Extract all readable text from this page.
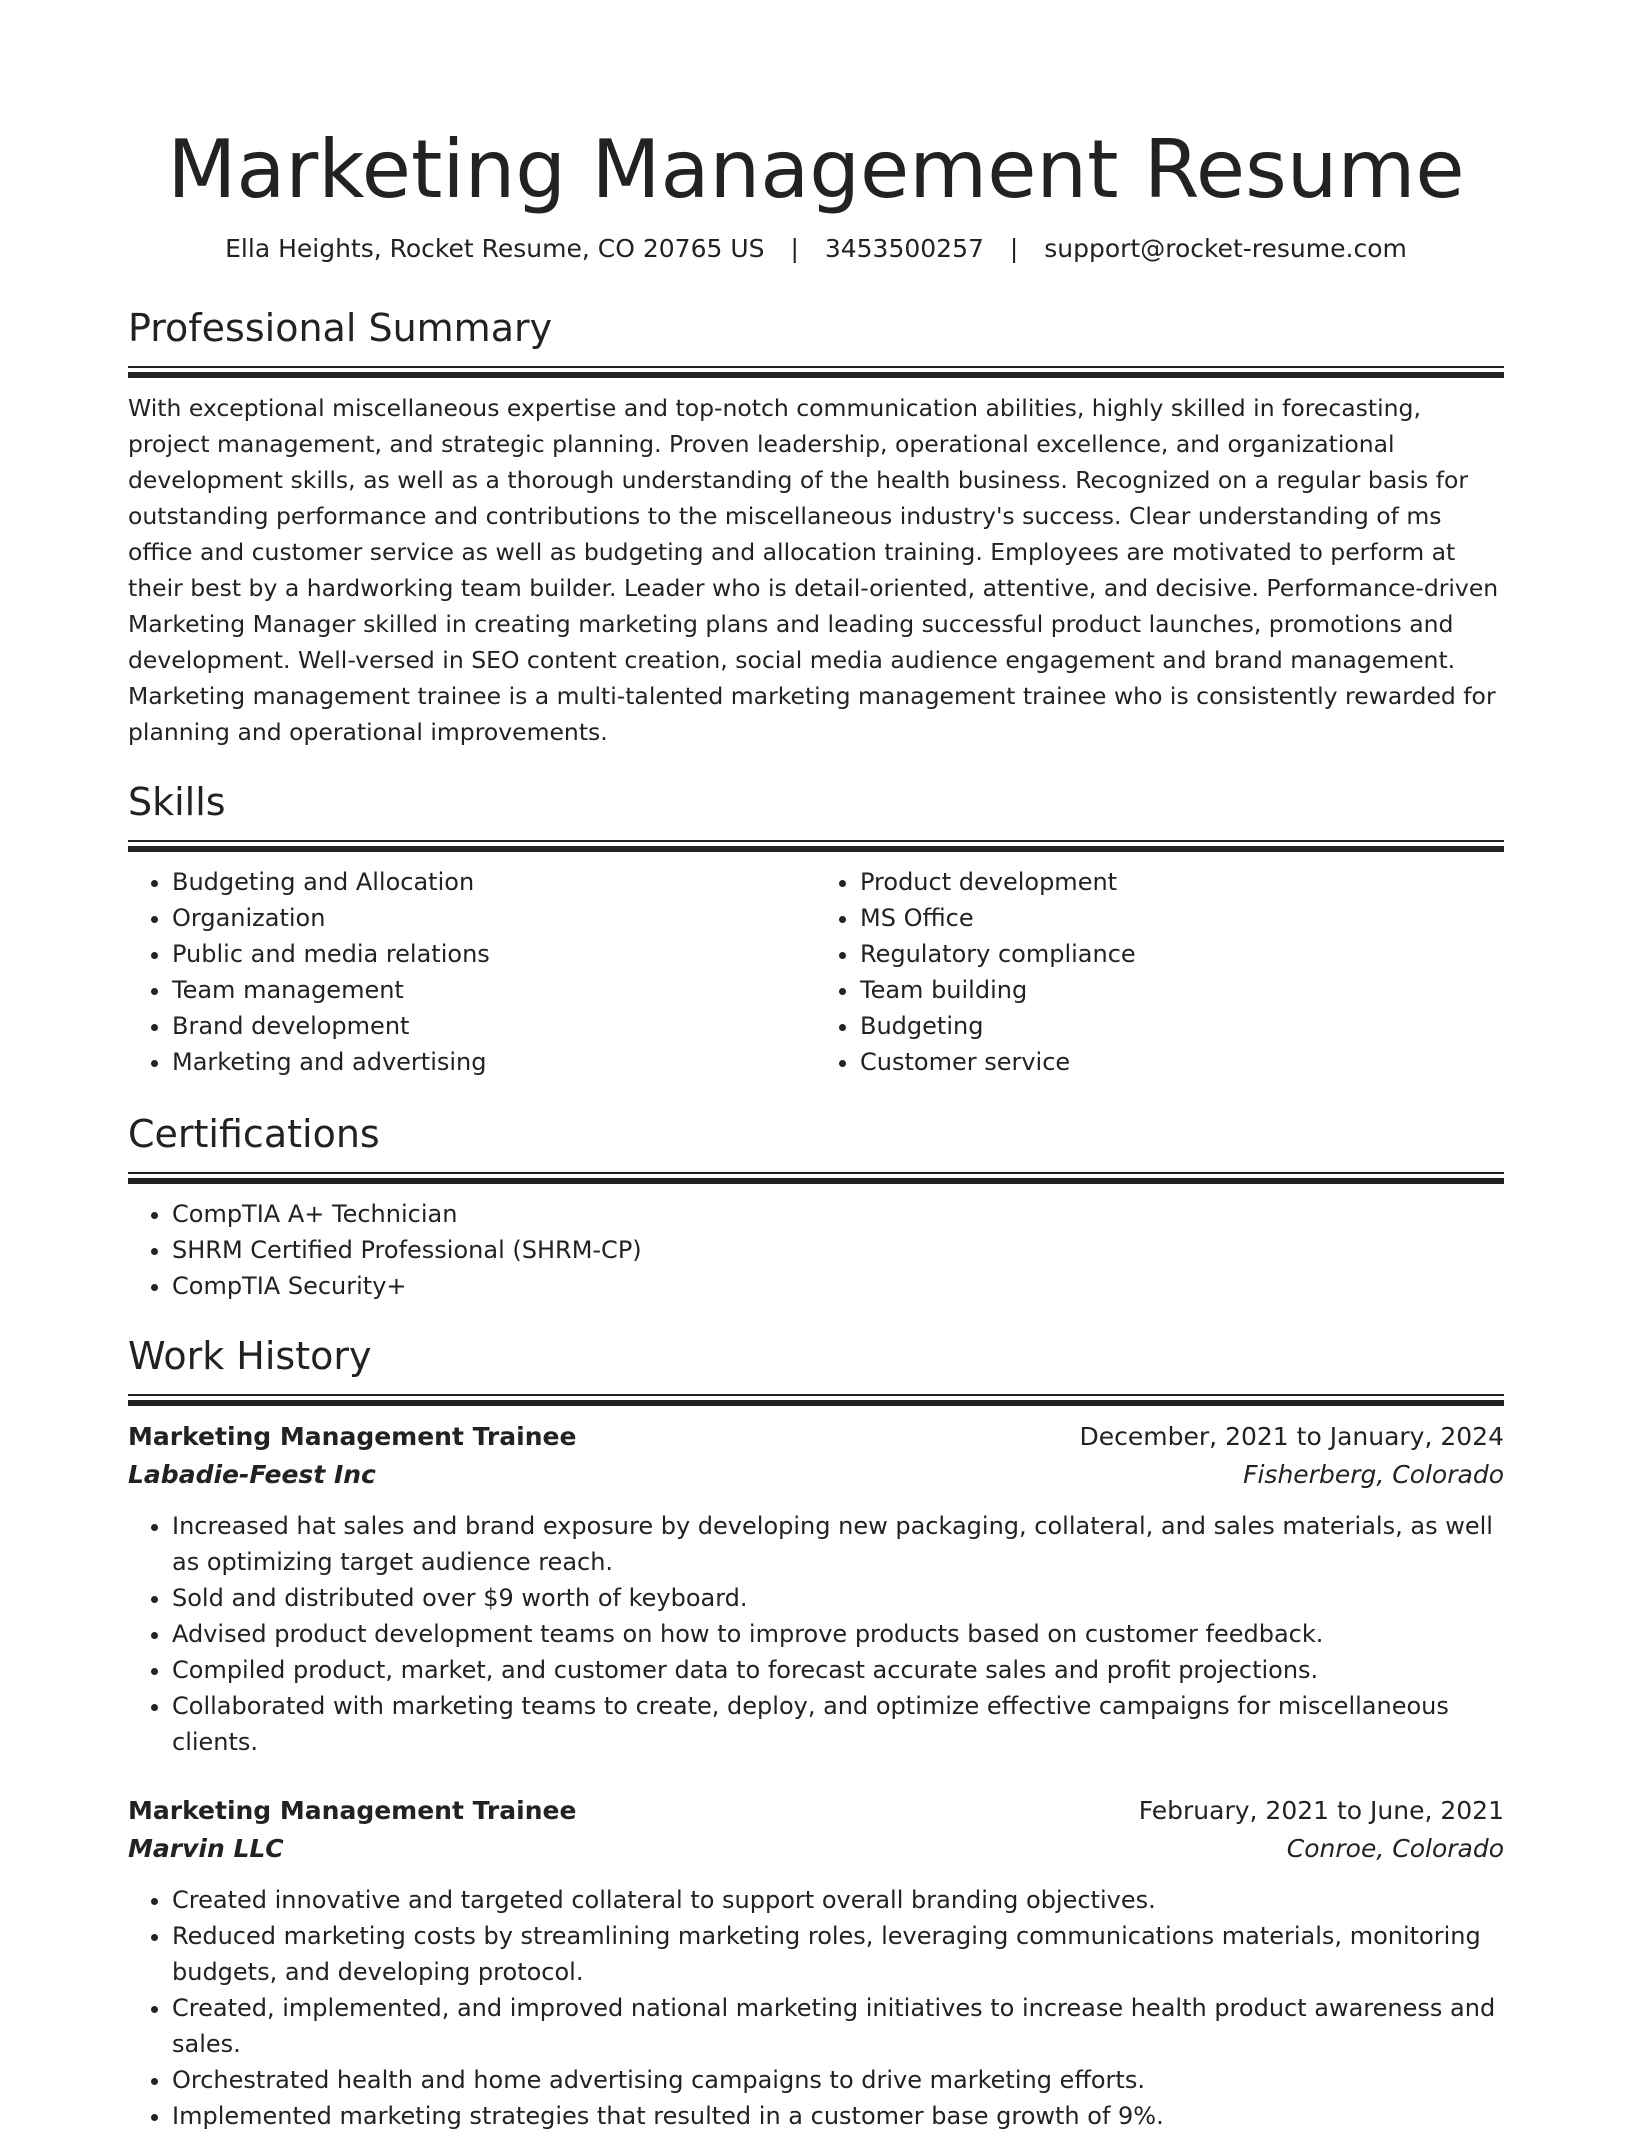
Marketing Management Resume
Ella Heights, Rocket Resume, CO 20765 US | 3453500257 | support@rocket-resume.com
Professional Summary
With exceptional miscellaneous expertise and top-notch communication abilities, highly skilled in forecasting, project management, and strategic planning. Proven leadership, operational excellence, and organizational development skills, as well as a thorough understanding of the health business. Recognized on a regular basis for outstanding performance and contributions to the miscellaneous industry's success. Clear understanding of ms office and customer service as well as budgeting and allocation training. Employees are motivated to perform at their best by a hardworking team builder. Leader who is detail-oriented, attentive, and decisive. Performance-driven Marketing Manager skilled in creating marketing plans and leading successful product launches, promotions and development. Well-versed in SEO content creation, social media audience engagement and brand management. Marketing management trainee is a multi-talented marketing management trainee who is consistently rewarded for planning and operational improvements.
Skills
• Budgeting and Allocation
• Organization
• Public and media relations
• Team management
• Brand development
• Marketing and advertising
• Product development
• MS Office
• Regulatory compliance
• Team building
• Budgeting
• Customer service
Certifications
• CompTIA A+ Technician
• SHRM Certified Professional (SHRM-CP)
• CompTIA Security+
Work History
Marketing Management Trainee	December, 2021 to January, 2024
Labadie-Feest Inc	Fisherberg, Colorado
• Increased hat sales and brand exposure by developing new packaging, collateral, and sales materials, as well as optimizing target audience reach.
• Sold and distributed over $9 worth of keyboard.
• Advised product development teams on how to improve products based on customer feedback.
• Compiled product, market, and customer data to forecast accurate sales and profit projections.
• Collaborated with marketing teams to create, deploy, and optimize effective campaigns for miscellaneous clients.
Marketing Management Trainee	February, 2021 to June, 2021
Marvin LLC	Conroe, Colorado
• Created innovative and targeted collateral to support overall branding objectives.
• Reduced marketing costs by streamlining marketing roles, leveraging communications materials, monitoring budgets, and developing protocol.
• Created, implemented, and improved national marketing initiatives to increase health product awareness and sales.
• Orchestrated health and home advertising campaigns to drive marketing efforts.
• Implemented marketing strategies that resulted in a customer base growth of 9%.
